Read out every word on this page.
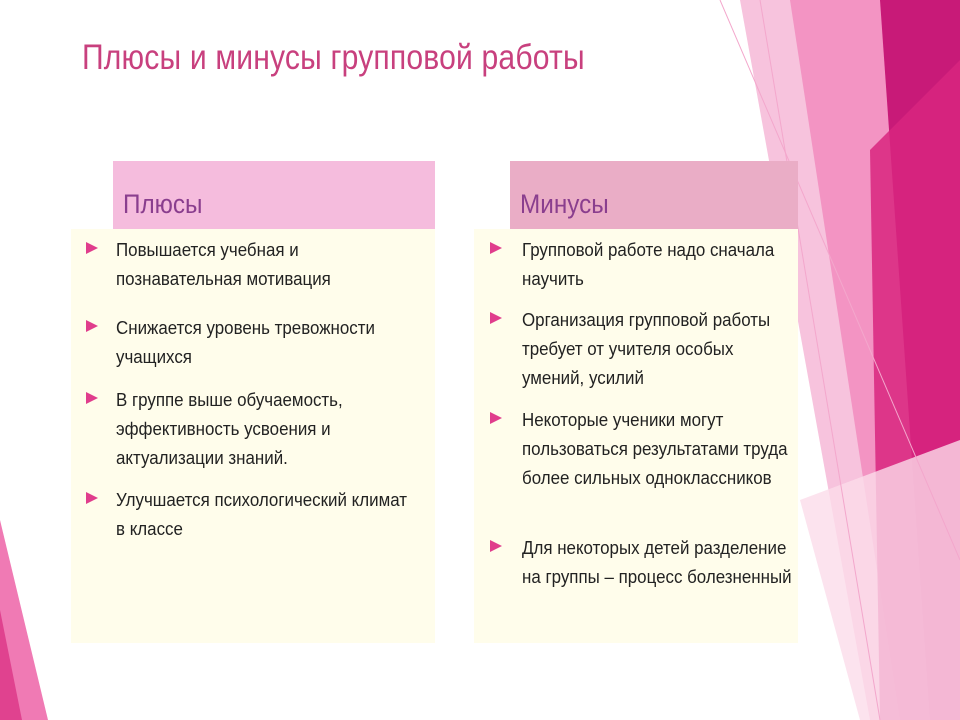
Плюсы и минусы групповой работы
Плюсы
Повышается учебная и познавательная мотивация
Снижается уровень тревожности учащихся
В группе выше обучаемость, эффективность усвоения и актуализации знаний.
Улучшается психологический климат в классе
Минусы
Групповой работе надо сначала научить
Организация групповой работы требует от учителя особых умений, усилий
Некоторые ученики могут пользоваться результатами труда более сильных одноклассников
Для некоторых детей разделение на группы – процесс болезненный
